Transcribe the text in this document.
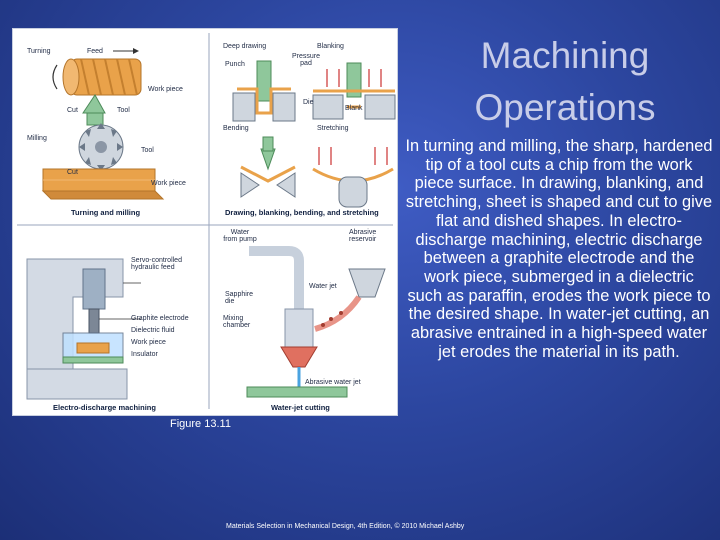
Turning	Feed
Work piece
Cut	Tool
Milling
Tool
Cut
Work piece
Turning and milling
Deep drawing	Blanking
Punch
Pressure pad
Die
Blank
Bending	Stretching
Drawing, blanking, bending, and stretching
Servo-controlled hydraulic feed
Graphite electrode
Dielectric fluid
Work piece
Insulator
Electro-discharge machining
Water from pump
Abrasive reservoir
Water jet
Sapphire die
Mixing chamber
Abrasive water jet
Water-jet cutting
Figure 13.11
Machining Operations
In turning and milling, the sharp, hardened tip of a tool cuts a chip from the work piece surface. In drawing, blanking, and stretching, sheet is shaped and cut to give flat and dished shapes. In electro-discharge machining, electric discharge between a graphite electrode and the work piece, submerged in a dielectric such as paraffin, erodes the work piece to the desired shape. In water-jet cutting, an abrasive entrained in a high-speed water jet erodes the material in its path.
Materials Selection in Mechanical Design, 4th Edition, © 2010 Michael Ashby
